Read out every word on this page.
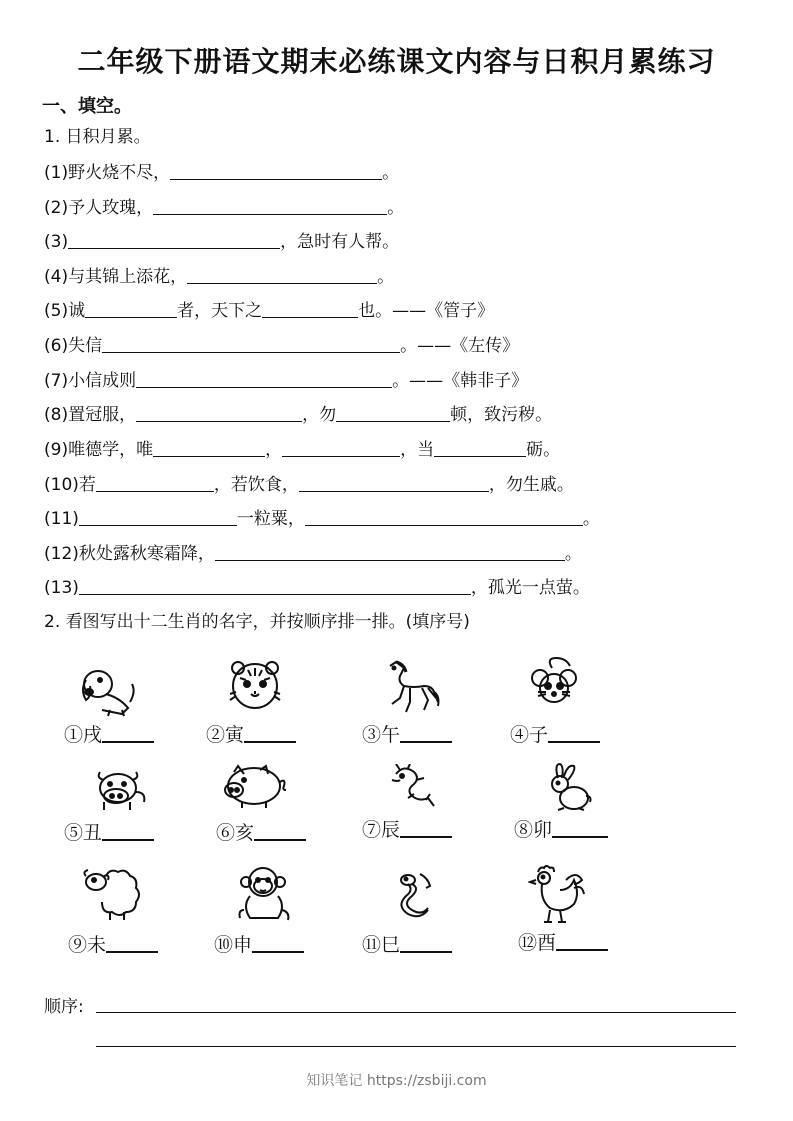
二年级下册语文期末必练课文内容与日积月累练习
一、填空。
1. 日积月累。
(1)野火烧不尽，	。
(2)予人玫瑰，	。
(3)	，急时有人帮。
(4)与其锦上添花，	。
(5)诚	者，天下之	也。——《管子》
(6)失信	。——《左传》
(7)小信成则	。——《韩非子》
(8)置冠服，	，勿	顿，致污秽。
(9)唯德学，唯	，	，当	砺。
(10)若	，若饮食，	，勿生戚。
(11)	一粒粟，	。
(12)秋处露秋寒霜降，	。
(13)	，孤光一点萤。
2. 看图写出十二生肖的名字，并按顺序排一排。(填序号)
①戌	②寅	③午	④子
⑤丑	⑥亥	⑦辰	⑧卯
⑨未	⑩申	⑪巳	⑫酉
顺序:
知识笔记 https://zsbiji.com
